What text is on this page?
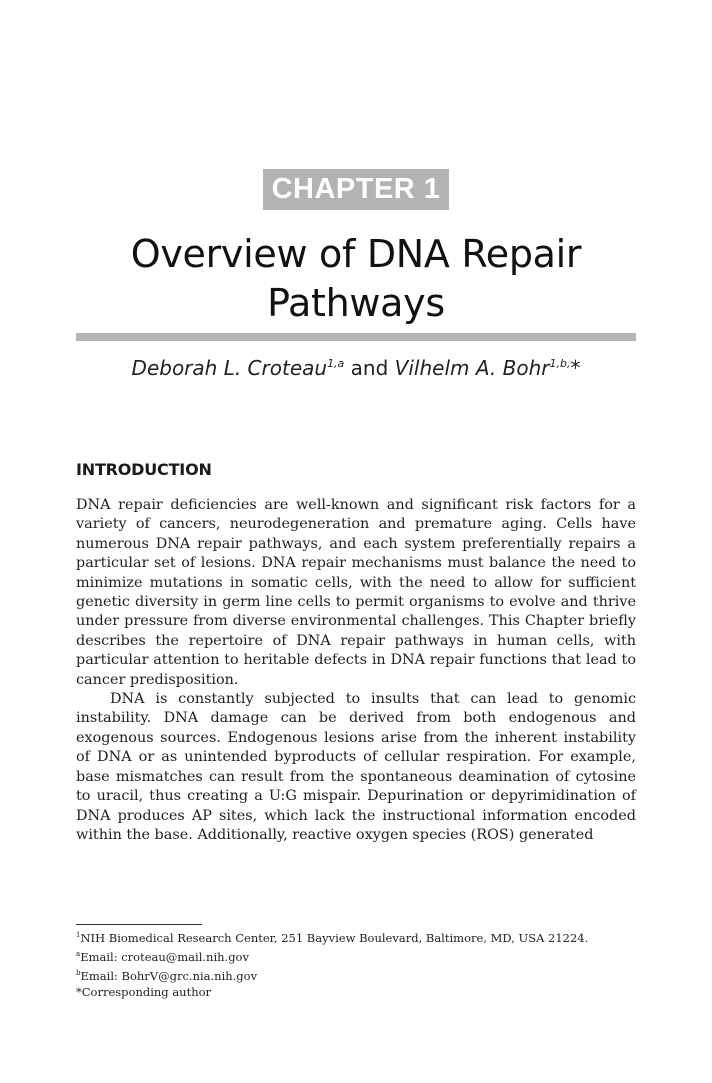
CHAPTER 1
Overview of DNA Repair
Pathways
Deborah L. Croteau$^{1,a}$ and Vilhelm A. Bohr$^{1,b,}$*
INTRODUCTION

DNA repair deficiencies are well-known and significant risk factors for a variety of cancers, neurodegeneration and premature aging. Cells have numerous DNA repair pathways, and each system preferentially repairs a particular set of lesions. DNA repair mechanisms must balance the need to minimize mutations in somatic cells, with the need to allow for sufficient genetic diversity in germ line cells to permit organisms to evolve and thrive under pressure from diverse environmental challenges. This Chapter briefly describes the repertoire of DNA repair pathways in human cells, with particular attention to heritable defects in DNA repair functions that lead to cancer predisposition.

DNA is constantly subjected to insults that can lead to genomic instability. DNA damage can be derived from both endogenous and exogenous sources. Endogenous lesions arise from the inherent instability of DNA or as unintended byproducts of cellular respiration. For example, base mismatches can result from the spontaneous deamination of cytosine to uracil, thus creating a U:G mispair. Depurination or depyrimidination of DNA produces AP sites, which lack the instructional information encoded within the base. Additionally, reactive oxygen species (ROS) generated

$^1$NIH Biomedical Research Center, 251 Bayview Boulevard, Baltimore, MD, USA 21224.
$^a$Email: croteau@mail.nih.gov
$^b$Email: BohrV@grc.nia.nih.gov
*Corresponding author
